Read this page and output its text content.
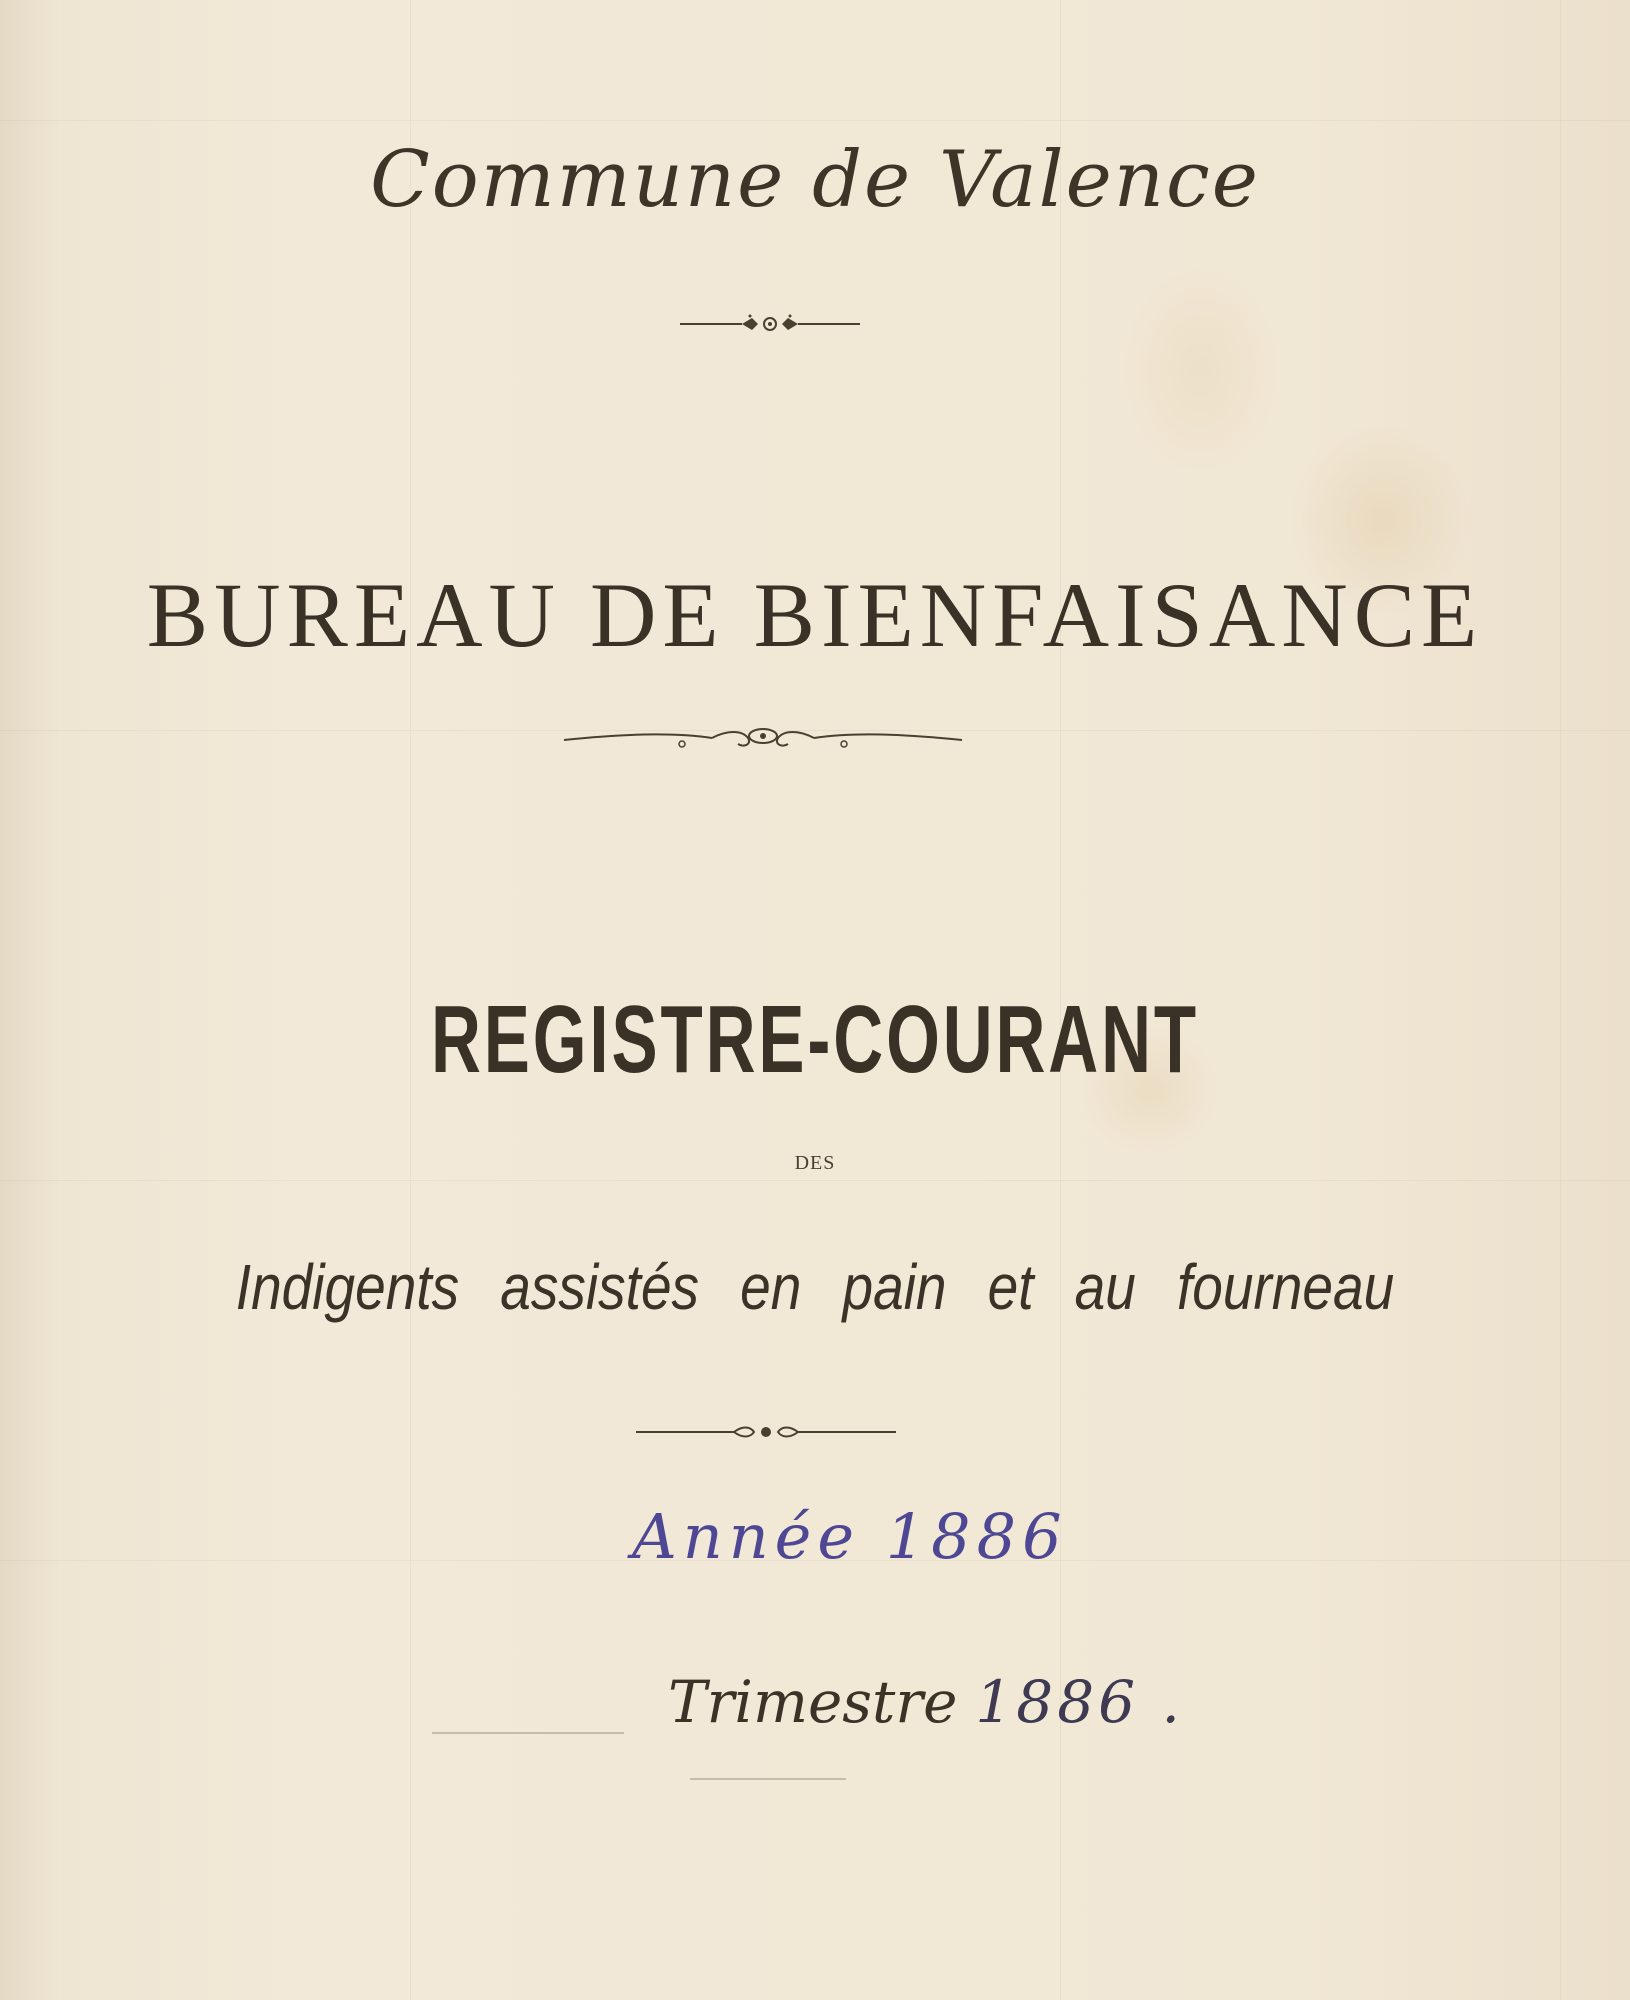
Commune de Valence
BUREAU DE BIENFAISANCE
REGISTRE-COURANT
DES
Indigents assistés en pain et au fourneau
Année 1886
Trimestre 1886 .
